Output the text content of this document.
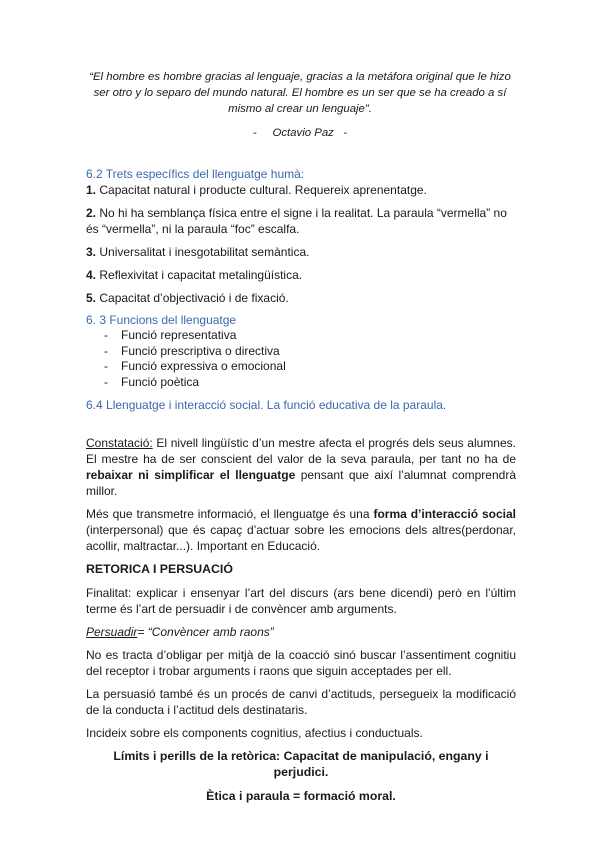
“El hombre es hombre gracias al lenguaje, gracias a la metáfora original que le hizo ser otro y lo separo del mundo natural. El hombre es un ser que se ha creado a sí mismo al crear un lenguaje”.
-     Octavio Paz   -

6.2 Trets específics del llenguatge humà:

1. Capacitat natural i producte cultural. Requereix aprenentatge.

2. No hi ha semblança física entre el signe i la realitat. La paraula “vermella” no és “vermella”, ni la paraula “foc” escalfa.

3. Universalitat i inesgotabilitat semàntica.

4. Reflexivitat i capacitat metalingüística.

5. Capacitat d’objectivació i de fixació.

6. 3 Funcions del llenguatge

- Funció representativa
- Funció prescriptiva o directiva
- Funció expressiva o emocional
- Funció poètica

6.4 Llenguatge i interacció social. La funció educativa de la paraula.

Constatació: El nivell lingüístic d’un mestre afecta el progrés dels seus alumnes. El mestre ha de ser conscient del valor de la seva paraula, per tant no ha de rebaixar ni simplificar el llenguatge pensant que així l’alumnat comprendrà millor.

Més que transmetre informació, el llenguatge és una forma d’interacció social (interpersonal) que és capaç d’actuar sobre les emocions dels altres(perdonar, acollir, maltractar...). Important en Educació.

RETORICA I PERSUACIÓ

Finalitat: explicar i ensenyar l’art del discurs (ars bene dicendi) però en l’últim terme és l’art de persuadir i de convèncer amb arguments.

Persuadir= “Convèncer amb raons”

No es tracta d’obligar per mitjà de la coacció sinó buscar l’assentiment cognitiu del receptor i trobar arguments i raons que siguin acceptades per ell.

La persuasió també és un procés de canvi d’actituds, persegueix la modificació de la conducta i l’actitud dels destinataris.

Incideix sobre els components cognitius, afectius i conductuals.

Límits i perills de la retòrica: Capacitat de manipulació, engany i perjudici.

Ètica i paraula = formació moral.
